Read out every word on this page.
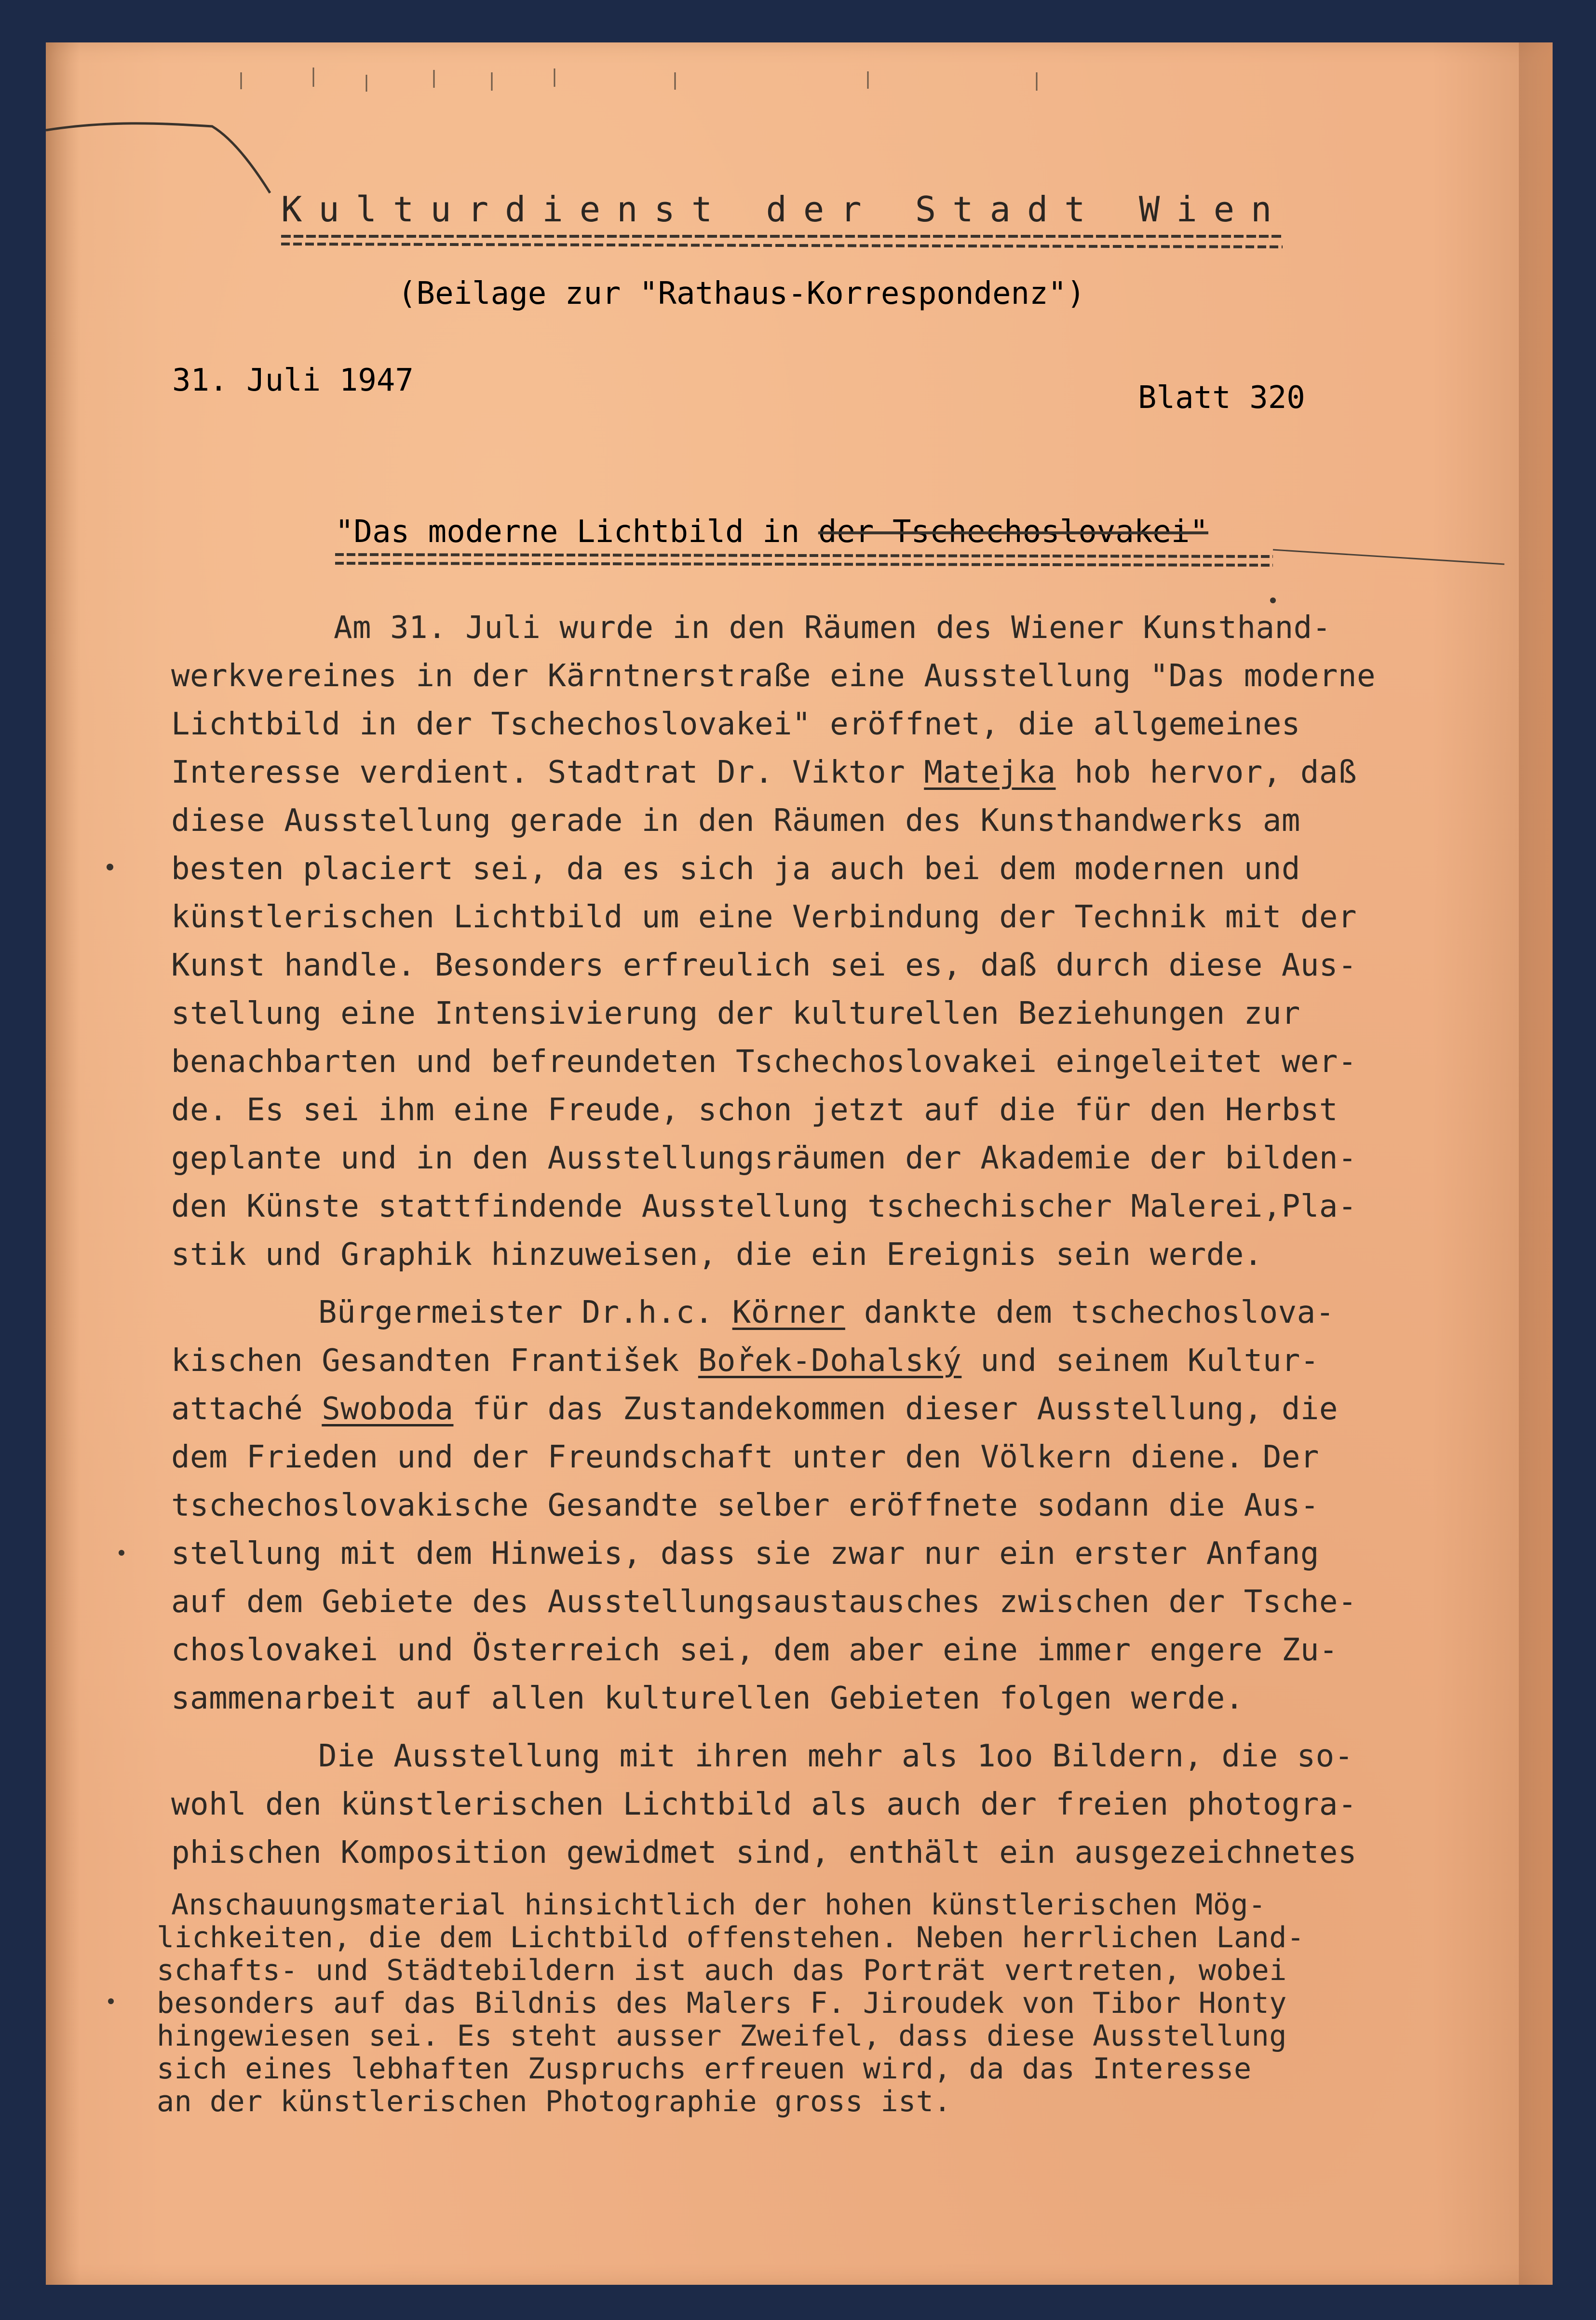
Kulturdienst der Stadt Wien
(Beilage zur "Rathaus-Korrespondenz")
31. Juli 1947	Blatt 320
"Das moderne Lichtbild in der Tschechoslovakei"
Am 31. Juli wurde in den Räumen des Wiener Kunsthand-
werkvereines in der Kärntnerstraße eine Ausstellung "Das moderne
Lichtbild in der Tschechoslovakei" eröffnet, die allgemeines
Interesse verdient. Stadtrat Dr. Viktor Matejka hob hervor, daß
diese Ausstellung gerade in den Räumen des Kunsthandwerks am
besten placiert sei, da es sich ja auch bei dem modernen und
künstlerischen Lichtbild um eine Verbindung der Technik mit der
Kunst handle. Besonders erfreulich sei es, daß durch diese Aus-
stellung eine Intensivierung der kulturellen Beziehungen zur
benachbarten und befreundeten Tschechoslovakei eingeleitet wer-
de. Es sei ihm eine Freude, schon jetzt auf die für den Herbst
geplante und in den Ausstellungsräumen der Akademie der bilden-
den Künste stattfindende Ausstellung tschechischer Malerei,Pla-
stik und Graphik hinzuweisen, die ein Ereignis sein werde.
Bürgermeister Dr.h.c. Körner dankte dem tschechoslova-
kischen Gesandten František Bořek-Dohalský und seinem Kultur-
attaché Swoboda für das Zustandekommen dieser Ausstellung, die
dem Frieden und der Freundschaft unter den Völkern diene. Der
tschechoslovakische Gesandte selber eröffnete sodann die Aus-
stellung mit dem Hinweis, dass sie zwar nur ein erster Anfang
auf dem Gebiete des Ausstellungsaustausches zwischen der Tsche-
choslovakei und Österreich sei, dem aber eine immer engere Zu-
sammenarbeit auf allen kulturellen Gebieten folgen werde.
Die Ausstellung mit ihren mehr als 1oo Bildern, die so-
wohl den künstlerischen Lichtbild als auch der freien photogra-
phischen Komposition gewidmet sind, enthält ein ausgezeichnetes
Anschauungsmaterial hinsichtlich der hohen künstlerischen Mög-
lichkeiten, die dem Lichtbild offenstehen. Neben herrlichen Land-
schafts- und Städtebildern ist auch das Porträt vertreten, wobei
besonders auf das Bildnis des Malers F. Jiroudek von Tibor Honty
hingewiesen sei. Es steht ausser Zweifel, dass diese Ausstellung
sich eines lebhaften Zuspruchs erfreuen wird, da das Interesse
an der künstlerischen Photographie gross ist.
